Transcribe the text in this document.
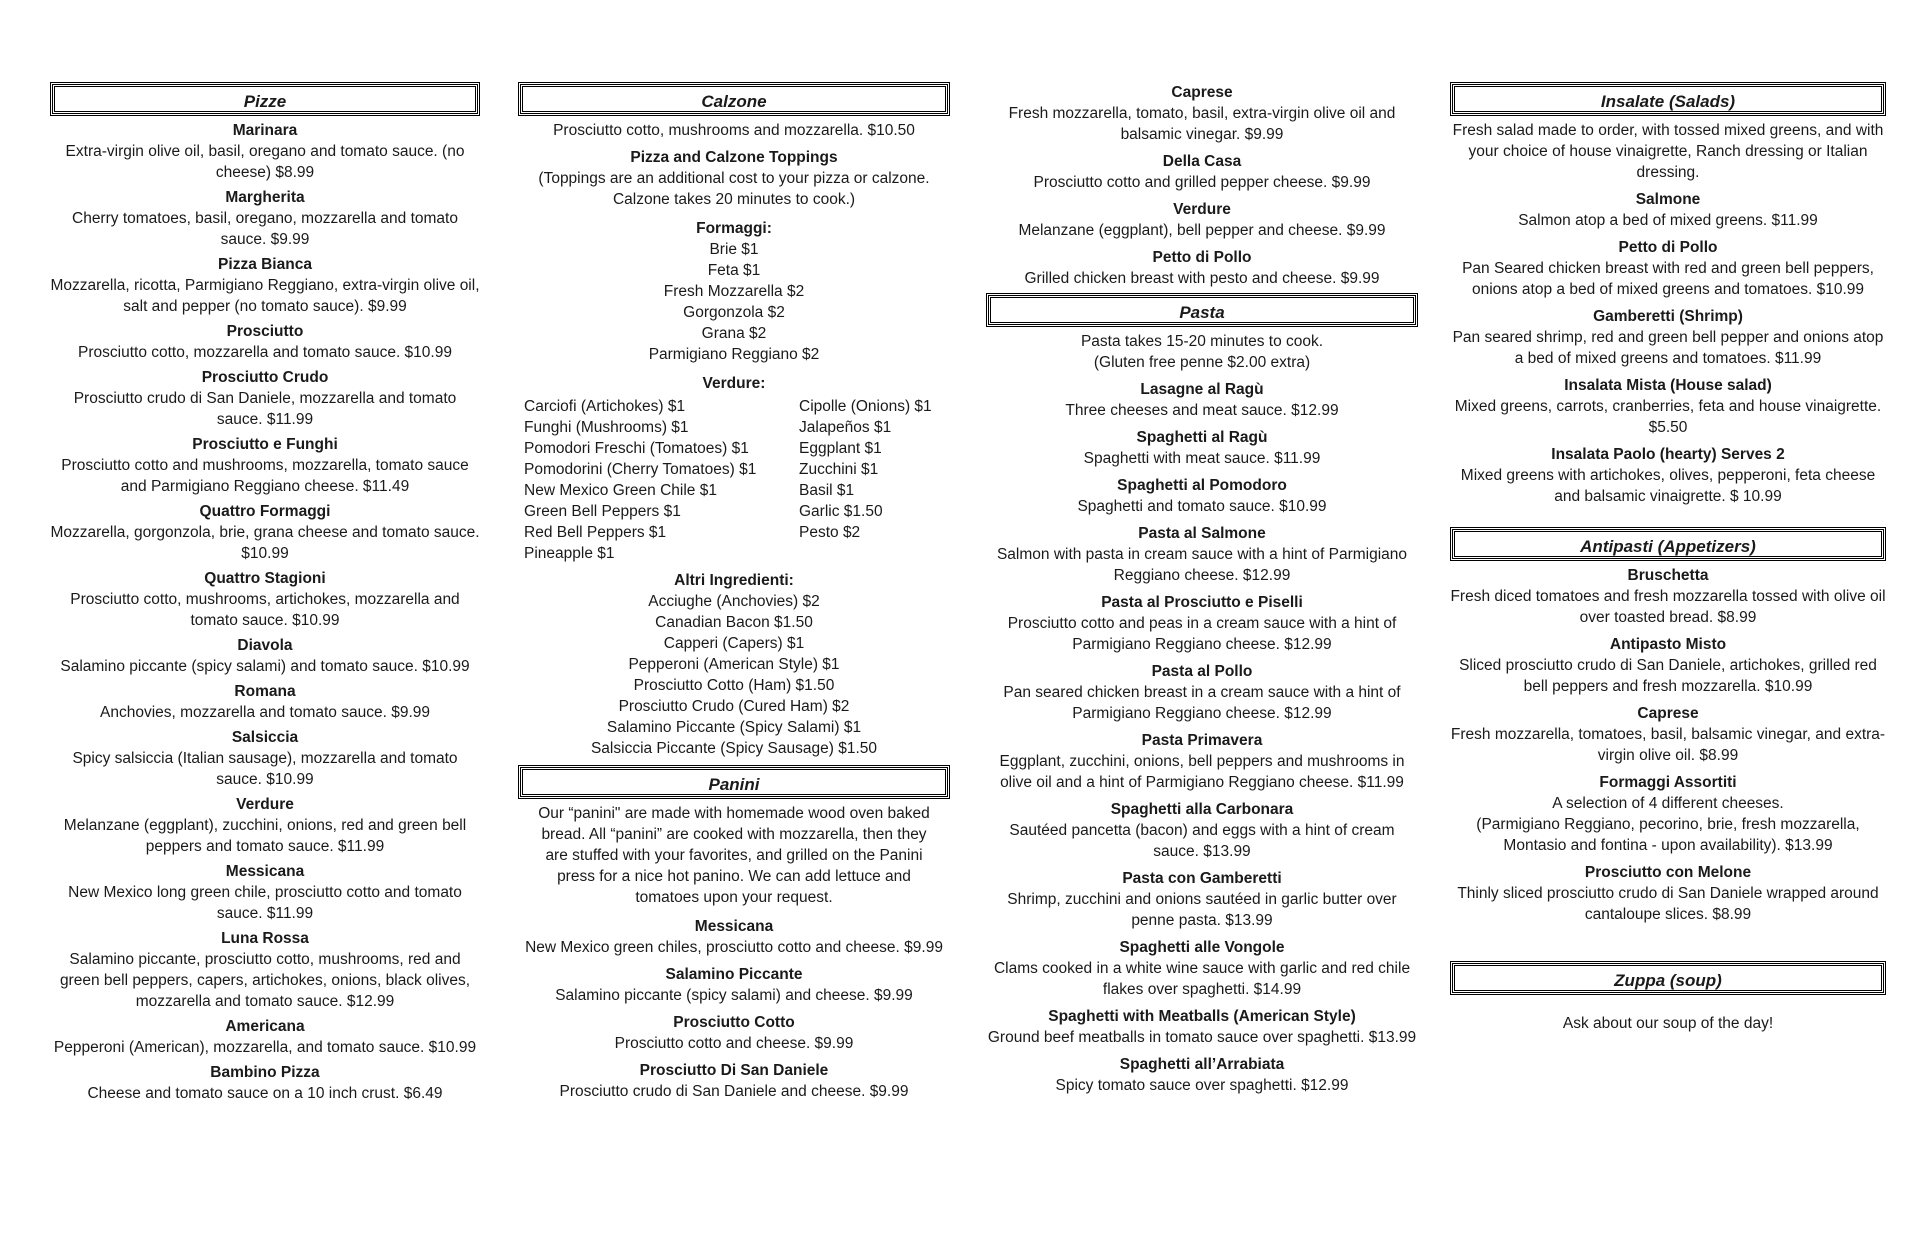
Pizze
Marinara
Extra-virgin olive oil, basil, oregano and tomato sauce. (no cheese) $8.99
Margherita
Cherry tomatoes, basil, oregano, mozzarella and tomato sauce. $9.99
Pizza Bianca
Mozzarella, ricotta, Parmigiano Reggiano, extra-virgin olive oil, salt and pepper (no tomato sauce). $9.99
Prosciutto
Prosciutto cotto, mozzarella and tomato sauce. $10.99
Prosciutto Crudo
Prosciutto crudo di San Daniele, mozzarella and tomato sauce. $11.99
Prosciutto e Funghi
Prosciutto cotto and mushrooms, mozzarella, tomato sauce and Parmigiano Reggiano cheese. $11.49
Quattro Formaggi
Mozzarella, gorgonzola, brie, grana cheese and tomato sauce. $10.99
Quattro Stagioni
Prosciutto cotto, mushrooms, artichokes, mozzarella and tomato sauce. $10.99
Diavola
Salamino piccante (spicy salami) and tomato sauce. $10.99
Romana
Anchovies, mozzarella and tomato sauce. $9.99
Salsiccia
Spicy salsiccia (Italian sausage), mozzarella and tomato sauce. $10.99
Verdure
Melanzane (eggplant), zucchini, onions, red and green bell peppers and tomato sauce. $11.99
Messicana
New Mexico long green chile, prosciutto cotto and tomato sauce. $11.99
Luna Rossa
Salamino piccante, prosciutto cotto, mushrooms, red and green bell peppers, capers, artichokes, onions, black olives, mozzarella and tomato sauce. $12.99
Americana
Pepperoni (American), mozzarella, and tomato sauce. $10.99
Bambino Pizza
Cheese and tomato sauce on a 10 inch crust. $6.49
Calzone
Prosciutto cotto, mushrooms and mozzarella. $10.50
Pizza and Calzone Toppings
(Toppings are an additional cost to your pizza or calzone.
Calzone takes 20 minutes to cook.)
Formaggi:
Brie $1
Feta $1
Fresh Mozzarella $2
Gorgonzola $2
Grana $2
Parmigiano Reggiano $2
Verdure:
Carciofi (Artichokes) $1
Funghi (Mushrooms) $1
Pomodori Freschi (Tomatoes) $1
Pomodorini (Cherry Tomatoes) $1
New Mexico Green Chile $1
Green Bell Peppers $1
Red Bell Peppers $1
Pineapple $1
Cipolle (Onions) $1
Jalapeños $1
Eggplant $1
Zucchini $1
Basil $1
Garlic $1.50
Pesto $2
Altri Ingredienti:
Acciughe (Anchovies) $2
Canadian Bacon $1.50
Capperi (Capers) $1
Pepperoni (American Style) $1
Prosciutto Cotto (Ham) $1.50
Prosciutto Crudo (Cured Ham) $2
Salamino Piccante (Spicy Salami) $1
Salsiccia Piccante (Spicy Sausage) $1.50
Panini
Our “panini" are made with homemade wood oven baked
bread. All “panini” are cooked with mozzarella, then they
are stuffed with your favorites, and grilled on the Panini
press for a nice hot panino. We can add lettuce and
tomatoes upon your request.
Messicana
New Mexico green chiles, prosciutto cotto and cheese. $9.99
Salamino Piccante
Salamino piccante (spicy salami) and cheese. $9.99
Prosciutto Cotto
Prosciutto cotto and cheese. $9.99
Prosciutto Di San Daniele
Prosciutto crudo di San Daniele and cheese. $9.99
Caprese
Fresh mozzarella, tomato, basil, extra-virgin olive oil and balsamic vinegar. $9.99
Della Casa
Prosciutto cotto and grilled pepper cheese. $9.99
Verdure
Melanzane (eggplant), bell pepper and cheese. $9.99
Petto di Pollo
Grilled chicken breast with pesto and cheese. $9.99
Pasta
Pasta takes 15-20 minutes to cook.
(Gluten free penne $2.00 extra)
Lasagne al Ragù
Three cheeses and meat sauce. $12.99
Spaghetti al Ragù
Spaghetti with meat sauce. $11.99
Spaghetti al Pomodoro
Spaghetti and tomato sauce. $10.99
Pasta al Salmone
Salmon with pasta in cream sauce with a hint of Parmigiano Reggiano cheese. $12.99
Pasta al Prosciutto e Piselli
Prosciutto cotto and peas in a cream sauce with a hint of Parmigiano Reggiano cheese. $12.99
Pasta al Pollo
Pan seared chicken breast in a cream sauce with a hint of Parmigiano Reggiano cheese. $12.99
Pasta Primavera
Eggplant, zucchini, onions, bell peppers and mushrooms in olive oil and a hint of Parmigiano Reggiano cheese. $11.99
Spaghetti alla Carbonara
Sautéed pancetta (bacon) and eggs with a hint of cream sauce. $13.99
Pasta con Gamberetti
Shrimp, zucchini and onions sautéed in garlic butter over penne pasta. $13.99
Spaghetti alle Vongole
Clams cooked in a white wine sauce with garlic and red chile flakes over spaghetti. $14.99
Spaghetti with Meatballs (American Style)
Ground beef meatballs in tomato sauce over spaghetti. $13.99
Spaghetti all’Arrabiata
Spicy tomato sauce over spaghetti. $12.99
Insalate (Salads)
Fresh salad made to order, with tossed mixed greens, and with your choice of house vinaigrette, Ranch dressing or Italian dressing.
Salmone
Salmon atop a bed of mixed greens. $11.99
Petto di Pollo
Pan Seared chicken breast with red and green bell peppers, onions atop a bed of mixed greens and tomatoes. $10.99
Gamberetti (Shrimp)
Pan seared shrimp, red and green bell pepper and onions atop a bed of mixed greens and tomatoes. $11.99
Insalata Mista (House salad)
Mixed greens, carrots, cranberries, feta and house vinaigrette. $5.50
Insalata Paolo (hearty) Serves 2
Mixed greens with artichokes, olives, pepperoni, feta cheese and balsamic vinaigrette. $ 10.99
Antipasti (Appetizers)
Bruschetta
Fresh diced tomatoes and fresh mozzarella tossed with olive oil over toasted bread. $8.99
Antipasto Misto
Sliced prosciutto crudo di San Daniele, artichokes, grilled red bell peppers and fresh mozzarella. $10.99
Caprese
Fresh mozzarella, tomatoes, basil, balsamic vinegar, and extra-virgin olive oil. $8.99
Formaggi Assortiti
A selection of 4 different cheeses.
(Parmigiano Reggiano, pecorino, brie, fresh mozzarella, Montasio and fontina - upon availability). $13.99
Prosciutto con Melone
Thinly sliced prosciutto crudo di San Daniele wrapped around cantaloupe slices. $8.99
Zuppa (soup)
Ask about our soup of the day!
